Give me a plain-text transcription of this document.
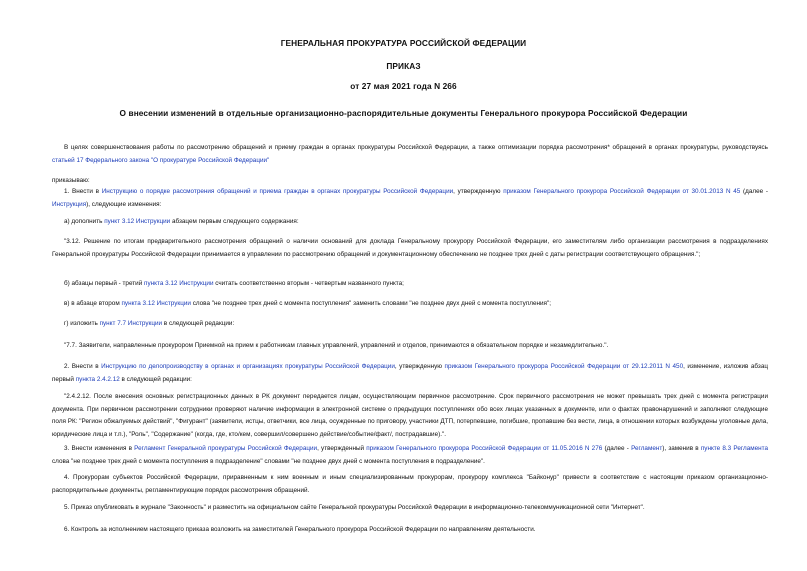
ГЕНЕРАЛЬНАЯ ПРОКУРАТУРА РОССИЙСКОЙ ФЕДЕРАЦИИ
ПРИКАЗ
от 27 мая 2021 года N 266
О внесении изменений в отдельные организационно-распорядительные документы Генерального прокурора Российской Федерации

В целях совершенствования работы по рассмотрению обращений и приему граждан в органах прокуратуры Российской Федерации, а также оптимизации порядка рассмотрения* обращений в органах прокуратуры, руководствуясь статьей 17 Федерального закона "О прокуратуре Российской Федерации"

приказываю:

1. Внести в Инструкцию о порядке рассмотрения обращений и приема граждан в органах прокуратуры Российской Федерации, утвержденную приказом Генерального прокурора Российской Федерации от 30.01.2013 N 45 (далее - Инструкция), следующие изменения:

а) дополнить пункт 3.12 Инструкции абзацем первым следующего содержания:

"3.12. Решение по итогам предварительного рассмотрения обращений о наличии оснований для доклада Генеральному прокурору Российской Федерации, его заместителям либо организации рассмотрения в подразделениях Генеральной прокуратуры Российской Федерации принимается в управлении по рассмотрению обращений и документационному обеспечению не позднее трех дней с даты регистрации соответствующего обращения.";

б) абзацы первый - третий пункта 3.12 Инструкции считать соответственно вторым - четвертым названного пункта;

в) в абзаце втором пункта 3.12 Инструкции слова "не позднее трех дней с момента поступления" заменить словами "не позднее двух дней с момента поступления";

г) изложить пункт 7.7 Инструкции в следующей редакции:

"7.7. Заявители, направленные прокурором Приемной на прием к работникам главных управлений, управлений и отделов, принимаются в обязательном порядке и незамедлительно.".

2. Внести в Инструкцию по делопроизводству в органах и организациях прокуратуры Российской Федерации, утвержденную приказом Генерального прокурора Российской Федерации от 29.12.2011 N 450, изменение, изложив абзац первый пункта 2.4.2.12 в следующей редакции:

"2.4.2.12. После внесения основных регистрационных данных в РК документ передается лицам, осуществляющим первичное рассмотрение. Срок первичного рассмотрения не может превышать трех дней с момента регистрации документа. При первичном рассмотрении сотрудники проверяют наличие информации в электронной системе о предыдущих поступлениях обо всех лицах указанных в документе, или о фактах правонарушений и заполняют следующие поля РК: "Регион обжалуемых действий", "Фигурант" (заявители, истцы, ответчики, все лица, осужденные по приговору, участники ДТП, потерпевшие, погибшие, пропавшие без вести, лица, в отношении которых возбуждены уголовные дела, юридические лица и т.п.), "Роль", "Содержание" (когда, где, кто/кем, совершил/совершено действие/событие/факт/, пострадавшие).".

3. Внести изменения в Регламент Генеральной прокуратуры Российской Федерации, утвержденный приказом Генерального прокурора Российской Федерации от 11.05.2016 N 276 (далее - Регламент), заменив в пункте 8.3 Регламента слова "не позднее трех дней с момента поступления в подразделение" словами "не позднее двух дней с момента поступления в подразделение".

4. Прокурорам субъектов Российской Федерации, приравненным к ним военным и иным специализированным прокурорам, прокурору комплекса "Байконур" привести в соответствие с настоящим приказом организационно-распорядительные документы, регламентирующие порядок рассмотрения обращений.

5. Приказ опубликовать в журнале "Законность" и разместить на официальном сайте Генеральной прокуратуры Российской Федерации в информационно-телекоммуникационной сети "Интернет".

6. Контроль за исполнением настоящего приказа возложить на заместителей Генерального прокурора Российской Федерации по направлениям деятельности.
